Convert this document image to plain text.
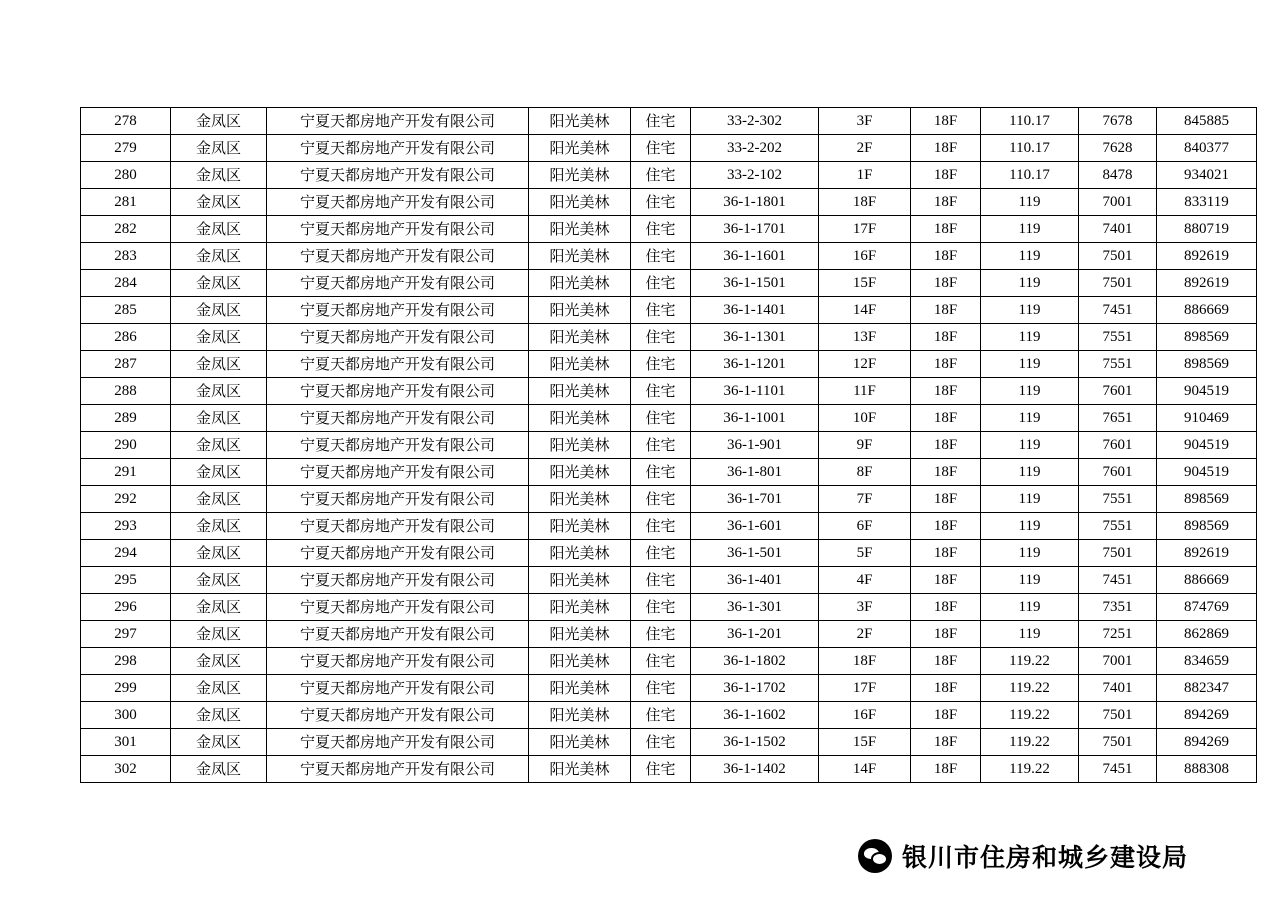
278	金凤区	宁夏天都房地产开发有限公司	阳光美林	住宅	33-2-302	3F	18F	110.17	7678	845885
279	金凤区	宁夏天都房地产开发有限公司	阳光美林	住宅	33-2-202	2F	18F	110.17	7628	840377
280	金凤区	宁夏天都房地产开发有限公司	阳光美林	住宅	33-2-102	1F	18F	110.17	8478	934021
281	金凤区	宁夏天都房地产开发有限公司	阳光美林	住宅	36-1-1801	18F	18F	119	7001	833119
282	金凤区	宁夏天都房地产开发有限公司	阳光美林	住宅	36-1-1701	17F	18F	119	7401	880719
283	金凤区	宁夏天都房地产开发有限公司	阳光美林	住宅	36-1-1601	16F	18F	119	7501	892619
284	金凤区	宁夏天都房地产开发有限公司	阳光美林	住宅	36-1-1501	15F	18F	119	7501	892619
285	金凤区	宁夏天都房地产开发有限公司	阳光美林	住宅	36-1-1401	14F	18F	119	7451	886669
286	金凤区	宁夏天都房地产开发有限公司	阳光美林	住宅	36-1-1301	13F	18F	119	7551	898569
287	金凤区	宁夏天都房地产开发有限公司	阳光美林	住宅	36-1-1201	12F	18F	119	7551	898569
288	金凤区	宁夏天都房地产开发有限公司	阳光美林	住宅	36-1-1101	11F	18F	119	7601	904519
289	金凤区	宁夏天都房地产开发有限公司	阳光美林	住宅	36-1-1001	10F	18F	119	7651	910469
290	金凤区	宁夏天都房地产开发有限公司	阳光美林	住宅	36-1-901	9F	18F	119	7601	904519
291	金凤区	宁夏天都房地产开发有限公司	阳光美林	住宅	36-1-801	8F	18F	119	7601	904519
292	金凤区	宁夏天都房地产开发有限公司	阳光美林	住宅	36-1-701	7F	18F	119	7551	898569
293	金凤区	宁夏天都房地产开发有限公司	阳光美林	住宅	36-1-601	6F	18F	119	7551	898569
294	金凤区	宁夏天都房地产开发有限公司	阳光美林	住宅	36-1-501	5F	18F	119	7501	892619
295	金凤区	宁夏天都房地产开发有限公司	阳光美林	住宅	36-1-401	4F	18F	119	7451	886669
296	金凤区	宁夏天都房地产开发有限公司	阳光美林	住宅	36-1-301	3F	18F	119	7351	874769
297	金凤区	宁夏天都房地产开发有限公司	阳光美林	住宅	36-1-201	2F	18F	119	7251	862869
298	金凤区	宁夏天都房地产开发有限公司	阳光美林	住宅	36-1-1802	18F	18F	119.22	7001	834659
299	金凤区	宁夏天都房地产开发有限公司	阳光美林	住宅	36-1-1702	17F	18F	119.22	7401	882347
300	金凤区	宁夏天都房地产开发有限公司	阳光美林	住宅	36-1-1602	16F	18F	119.22	7501	894269
301	金凤区	宁夏天都房地产开发有限公司	阳光美林	住宅	36-1-1502	15F	18F	119.22	7501	894269
302	金凤区	宁夏天都房地产开发有限公司	阳光美林	住宅	36-1-1402	14F	18F	119.22	7451	888308
银川市住房和城乡建设局
